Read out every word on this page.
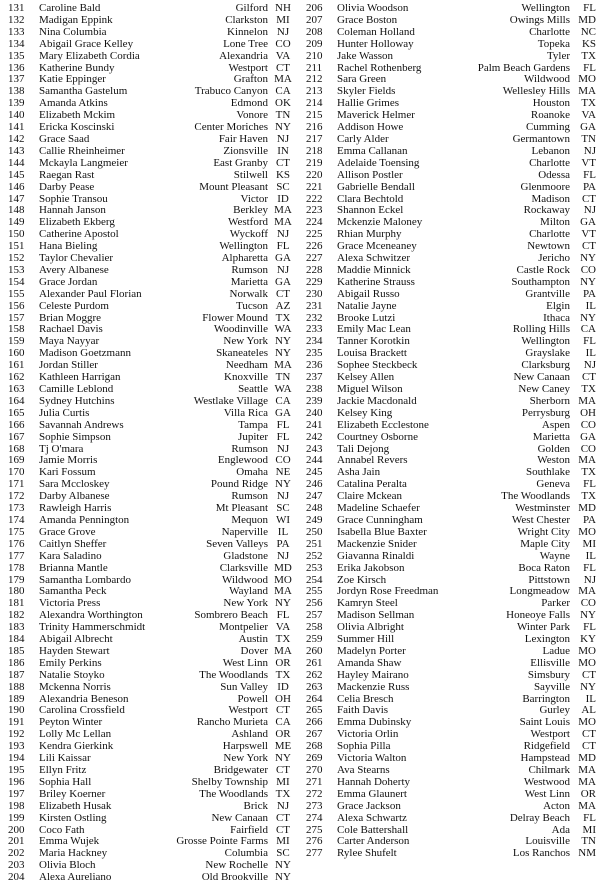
131	Caroline Bald	Gilford NH
132	Madigan Eppink	Clarkston MI
133	Nina Columbia	Kinnelon NJ
134	Abigail Grace Kelley	Lone Tree CO
135	Mary Elizabeth Cordia	Alexandria VA
136	Katherine Bundy	Westport CT
137	Katie Eppinger	Grafton MA
138	Samantha Gastelum	Trabuco Canyon CA
139	Amanda Atkins	Edmond OK
140	Elizabeth Mckim	Vonore TN
141	Ericka Koscinski	Center Moriches NY
142	Grace Saad	Fair Haven NJ
143	Callie Rheinheimer	Zionsville IN
144	Mckayla Langmeier	East Granby CT
145	Raegan Rast	Stilwell KS
146	Darby Pease	Mount Pleasant SC
147	Sophie Transou	Victor ID
148	Hannah Janson	Berkley MA
149	Elizabeth Ekberg	Westford MA
150	Catherine Apostol	Wyckoff NJ
151	Hana Bieling	Wellington FL
152	Taylor Chevalier	Alpharetta GA
153	Avery Albanese	Rumson NJ
154	Grace Jordan	Marietta GA
155	Alexander Paul Florian	Norwalk CT
156	Celeste Purdom	Tucson AZ
157	Brian Moggre	Flower Mound TX
158	Rachael Davis	Woodinville WA
159	Maya Nayyar	New York NY
160	Madison Goetzmann	Skaneateles NY
161	Jordan Stiller	Needham MA
162	Kathleen Harrigan	Knoxville TN
163	Camille Leblond	Seattle WA
164	Sydney Hutchins	Westlake Village CA
165	Julia Curtis	Villa Rica GA
166	Savannah Andrews	Tampa FL
167	Sophie Simpson	Jupiter FL
168	Tj O'mara	Rumson NJ
169	Jamie Morris	Englewood CO
170	Kari Fossum	Omaha NE
171	Sara Mccloskey	Pound Ridge NY
172	Darby Albanese	Rumson NJ
173	Rawleigh Harris	Mt Pleasant SC
174	Amanda Pennington	Mequon WI
175	Grace Grove	Naperville IL
176	Caitlyn Sheffer	Seven Valleys PA
177	Kara Saladino	Gladstone NJ
178	Brianna Mantle	Clarksville MD
179	Samantha Lombardo	Wildwood MO
180	Samantha Peck	Wayland MA
181	Victoria Press	New York NY
182	Alexandra Worthington	Sombrero Beach FL
183	Trinity Hammerschmidt	Montpelier VA
184	Abigail Albrecht	Austin TX
185	Hayden Stewart	Dover MA
186	Emily Perkins	West Linn OR
187	Natalie Stoyko	The Woodlands TX
188	Mckenna Norris	Sun Valley ID
189	Alexandria Beneson	Powell OH
190	Carolina Crossfield	Westport CT
191	Peyton Winter	Rancho Murieta CA
192	Lolly Mc Lellan	Ashland OR
193	Kendra Gierkink	Harpswell ME
194	Lili Kaissar	New York NY
195	Ellyn Fritz	Bridgewater CT
196	Sophia Hall	Shelby Township MI
197	Briley Koerner	The Woodlands TX
198	Elizabeth Husak	Brick NJ
199	Kirsten Ostling	New Canaan CT
200	Coco Fath	Fairfield CT
201	Emma Wujek	Grosse Pointe Farms MI
202	Maria Hackney	Columbia SC
203	Olivia Bloch	New Rochelle NY
204	Alexa Aureliano	Old Brookville NY
206	Olivia Woodson	Wellington	FL
207	Grace Boston	Owings Mills MD
208	Coleman Holland	Charlotte NC
209	Hunter Holloway	Topeka	KS
210	Jake Wasson	Tyler	TX
211	Rachel Rothenberg	Palm Beach Gardens	FL
212	Sara Green	Wildwood MO
213	Skyler Fields	Wellesley Hills MA
214	Hallie Grimes	Houston	TX
215	Maverick Helmer	Roanoke	VA
216	Addison Howe	Cumming GA
217	Carly Alder	Germantown	TN
218	Emma Callanan	Lebanon	NJ
219	Adelaide Toensing	Charlotte	VT
220	Allison Postler	Odessa	FL
221	Gabrielle Bendall	Glenmoore	PA
222	Clara Bechtold	Madison	CT
223	Shannon Eckel	Rockaway	NJ
224	Mckenzie Maloney	Milton GA
225	Rhian Murphy	Charlotte	VT
226	Grace Mceneaney	Newtown	CT
227	Alexa Schwitzer	Jericho NY
228	Maddie Minnick	Castle Rock CO
229	Katherine Strauss	Southampton NY
230	Abigail Russo	Grantville	PA
231	Natalie Jayne	Elgin	IL
232	Brooke Lutzi	Ithaca NY
233	Emily Mac Lean	Rolling Hills CA
234	Tanner Korotkin	Wellington	FL
235	Louisa Brackett	Grayslake	IL
236	Sophee Steckbeck	Clarksburg	NJ
237	Kelsey Allen	New Canaan	CT
238	Miguel Wilson	New Caney	TX
239	Jackie Macdonald	Sherborn MA
240	Kelsey King	Perrysburg OH
241	Elizabeth Ecclestone	Aspen CO
242	Courtney Osborne	Marietta GA
243	Tali Dejong	Golden CO
244	Annabel Revers	Weston MA
245	Asha Jain	Southlake	TX
246	Catalina Peralta	Geneva	FL
247	Claire Mckean	The Woodlands	TX
248	Madeline Schaefer	Westminster MD
249	Grace Cunningham	West Chester	PA
250	Isabella Blue Baxter	Wright City MO
251	Mackenzie Snider	Maple City	MI
252	Giavanna Rinaldi	Wayne	IL
253	Erika Jakobson	Boca Raton	FL
254	Zoe Kirsch	Pittstown	NJ
255	Jordyn Rose Freedman	Longmeadow MA
256	Kamryn Steel	Parker CO
257	Madison Sellman	Honeoye Falls NY
258	Olivia Albright	Winter Park	FL
259	Summer Hill	Lexington KY
260	Madelyn Porter	Ladue MO
261	Amanda Shaw	Ellisville MO
262	Hayley Mairano	Simsbury	CT
263	Mackenzie Russ	Sayville NY
264	Celia Bresch	Barrington	IL
265	Faith Davis	Gurley	AL
266	Emma Dubinsky	Saint Louis MO
267	Victoria Orlin	Westport	CT
268	Sophia Pilla	Ridgefield	CT
269	Victoria Walton	Hampstead MD
270	Ava Stearns	Chilmark MA
271	Hannah Doherty	Westwood MA
272	Emma Glaunert	West Linn OR
273	Grace Jackson	Acton MA
274	Alexa Schwartz	Delray Beach	FL
275	Cole Battershall	Ada	MI
276	Carter Anderson	Louisville	TN
277	Rylee Shufelt	Los Ranchos NM
